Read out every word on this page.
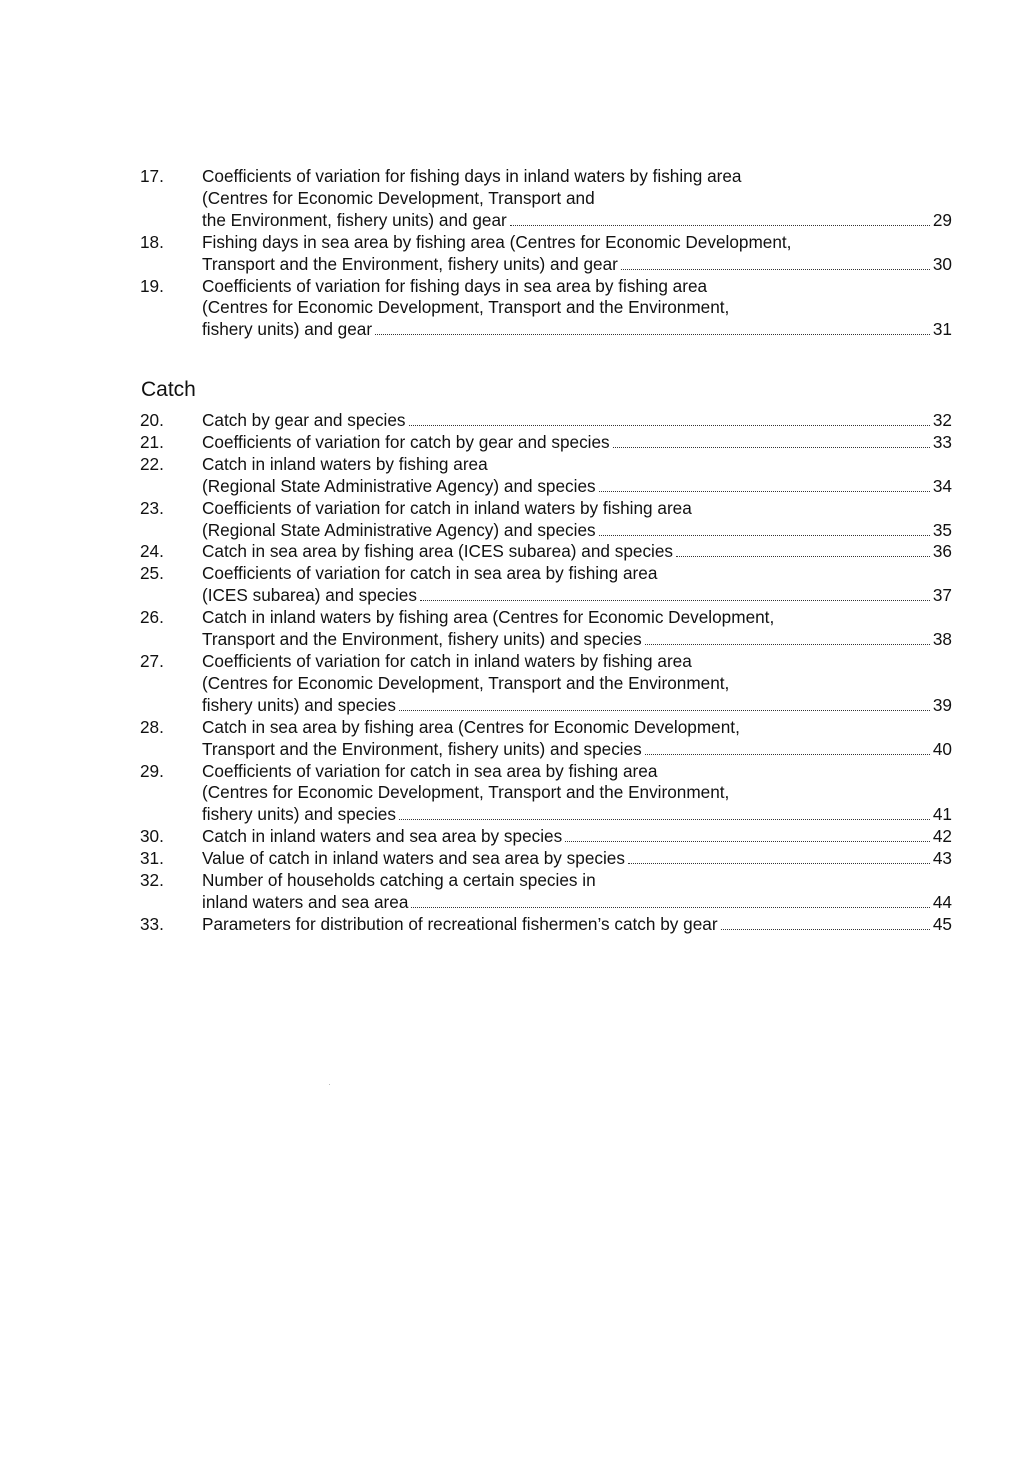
17.	Coefficients of variation for fishing days in inland waters by fishing area
(Centres for Economic Development, Transport and
the Environment, fishery units) and gear	29
18.	Fishing days in sea area by fishing area (Centres for Economic Development,
Transport and the Environment, fishery units) and gear	30
19.	Coefficients of variation for fishing days in sea area by fishing area
(Centres for Economic Development, Transport and the Environment,
fishery units) and gear	31
Catch
20.	Catch by gear and species	32
21.	Coefficients of variation for catch by gear and species	33
22.	Catch in inland waters by fishing area
(Regional State Administrative Agency) and species	34
23.	Coefficients of variation for catch in inland waters by fishing area
(Regional State Administrative Agency) and species	35
24.	Catch in sea area by fishing area (ICES subarea) and species	36
25.	Coefficients of variation for catch in sea area by fishing area
(ICES subarea) and species	37
26.	Catch in inland waters by fishing area (Centres for Economic Development,
Transport and the Environment, fishery units) and species	38
27.	Coefficients of variation for catch in inland waters by fishing area
(Centres for Economic Development, Transport and the Environment,
fishery units) and species	39
28.	Catch in sea area by fishing area (Centres for Economic Development,
Transport and the Environment, fishery units) and species	40
29.	Coefficients of variation for catch in sea area by fishing area
(Centres for Economic Development, Transport and the Environment,
fishery units) and species	41
30.	Catch in inland waters and sea area by species	42
31.	Value of catch in inland waters and sea area by species	43
32.	Number of households catching a certain species in
inland waters and sea area	44
33.	Parameters for distribution of recreational fishermen’s catch by gear	45
